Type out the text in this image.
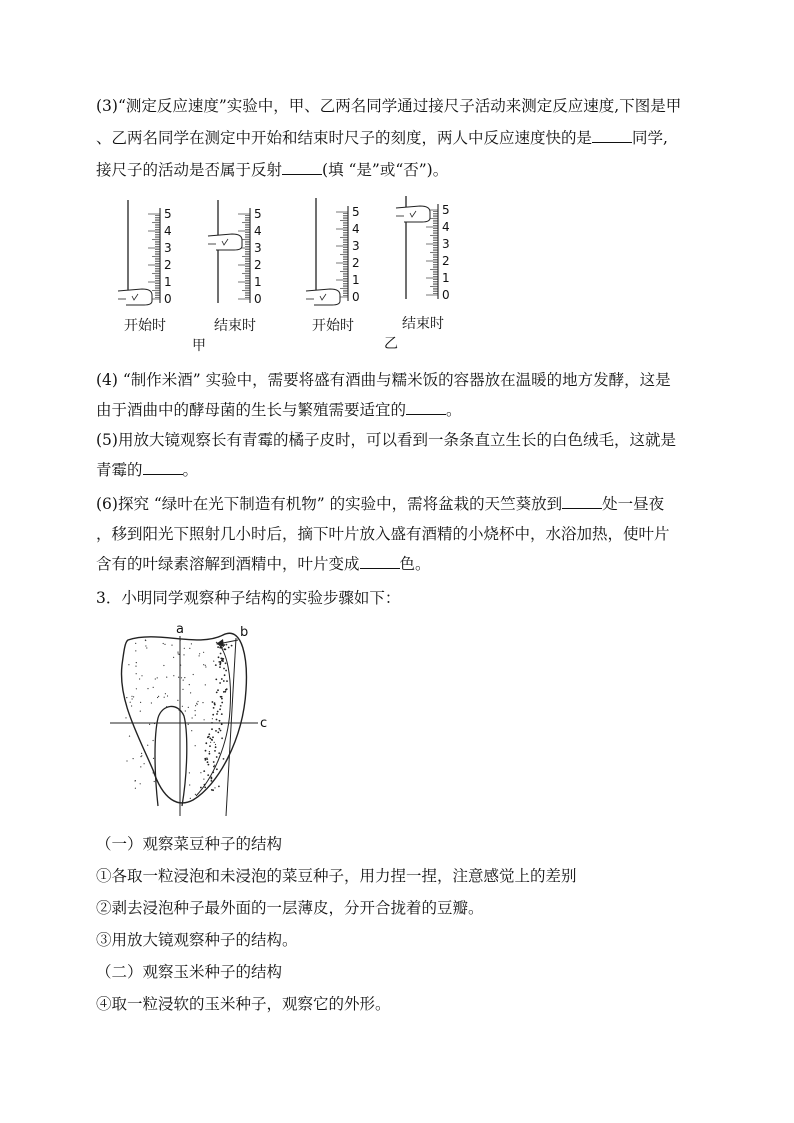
(3)“测定反应速度”实验中，甲、乙两名同学通过接尺子活动来测定反应速度,下图是甲
、乙两名同学在测定中开始和结束时尺子的刻度，两人中反应速度快的是	同学,
接尺子的活动是否属于反射	(填 “是”或“否”)。
5
4
3
2
1
0
5
4
3
2
1
0
5
4
3
2
1
0
5
4
3
2
1
0
开始时	结束时	开始时	结束时
甲	乙
(4) “制作米酒” 实验中，需要将盛有酒曲与糯米饭的容器放在温暖的地方发酵，这是
由于酒曲中的酵母菌的生长与繁殖需要适宜的	。
(5)用放大镜观察长有青霉的橘子皮时，可以看到一条条直立生长的白色绒毛，这就是
青霉的	。
(6)探究 “绿叶在光下制造有机物” 的实验中，需将盆栽的天竺葵放到	处一昼夜
，移到阳光下照射几小时后，摘下叶片放入盛有酒精的小烧杯中，水浴加热，使叶片
含有的叶绿素溶解到酒精中，叶片变成	色。
3．小明同学观察种子结构的实验步骤如下：
a	b
c
（一）观察菜豆种子的结构
①各取一粒浸泡和未浸泡的菜豆种子，用力捏一捏，注意感觉上的差别
②剥去浸泡种子最外面的一层薄皮，分开合拢着的豆瓣。
③用放大镜观察种子的结构。
（二）观察玉米种子的结构
④取一粒浸软的玉米种子，观察它的外形。
